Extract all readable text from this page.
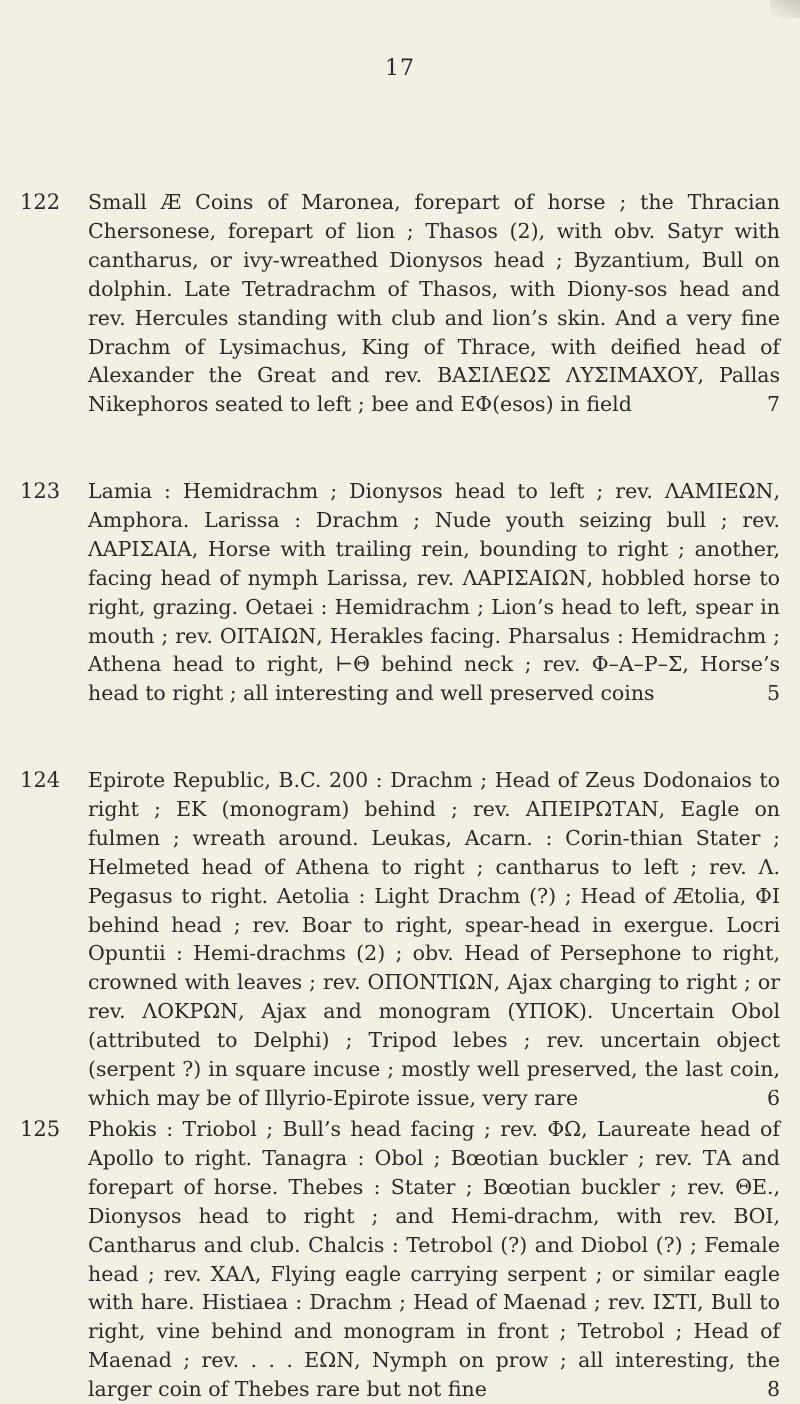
17
122 Small Æ Coins of Maronea, forepart of horse ; the Thracian Chersonese, forepart of lion ; Thasos (2), with obv. Satyr with cantharus, or ivy-wreathed Dionysos head ; Byzantium, Bull on dolphin. Late Tetradrachm of Thasos, with Diony-sos head and rev. Hercules standing with club and lion’s skin. And a very fine Drachm of Lysimachus, King of Thrace, with deified head of Alexander the Great and rev. ΒΑΣΙΛΕΩΣ ΛΥΣΙΜΑΧΟΥ, Pallas Nikephoros seated to left ; bee and ΕΦ(esos) in field	7

123 Lamia : Hemidrachm ; Dionysos head to left ; rev. ΛΑΜΙΕΩΝ, Amphora. Larissa : Drachm ; Nude youth seizing bull ; rev. ΛΑΡΙΣΑΙΑ, Horse with trailing rein, bounding to right ; another, facing head of nymph Larissa, rev. ΛΑΡΙΣΑΙΩΝ, hobbled horse to right, grazing. Oetaei : Hemidrachm ; Lion’s head to left, spear in mouth ; rev. ΟΙΤΑΙΩΝ, Herakles facing. Pharsalus : Hemidrachm ; Athena head to right, ⊢Θ behind neck ; rev. Φ–Α–Ρ–Σ, Horse’s head to right ; all interesting and well preserved coins	5

124 Epirote Republic, B.C. 200 : Drachm ; Head of Zeus Dodonaios to right ; ΕΚ (monogram) behind ; rev. ΑΠΕΙΡΩΤΑΝ, Eagle on fulmen ; wreath around. Leukas, Acarn. : Corin-thian Stater ; Helmeted head of Athena to right ; cantharus to left ; rev. Λ. Pegasus to right. Aetolia : Light Drachm (?) ; Head of Ætolia, ΦΙ behind head ; rev. Boar to right, spear-head in exergue. Locri Opuntii : Hemi-drachms (2) ; obv. Head of Persephone to right, crowned with leaves ; rev. ΟΠΟΝΤΙΩΝ, Ajax charging to right ; or rev. ΛΟΚΡΩΝ, Ajax and monogram (ΥΠΟΚ). Uncertain Obol (attributed to Delphi) ; Tripod lebes ; rev. uncertain object (serpent ?) in square incuse ; mostly well preserved, the last coin, which may be of Illyrio-Epirote issue, very rare	6

125 Phokis : Triobol ; Bull’s head facing ; rev. ΦΩ, Laureate head of Apollo to right. Tanagra : Obol ; Bœotian buckler ; rev. ΤΑ and forepart of horse. Thebes : Stater ; Bœotian buckler ; rev. ΘΕ., Dionysos head to right ; and Hemi-drachm, with rev. ΒΟΙ, Cantharus and club. Chalcis : Tetrobol (?) and Diobol (?) ; Female head ; rev. ΧΑΛ, Flying eagle carrying serpent ; or similar eagle with hare. Histiaea : Drachm ; Head of Maenad ; rev. ΙΣΤΙ, Bull to right, vine behind and monogram in front ; Tetrobol ; Head of Maenad ; rev. . . . ΕΩΝ, Nymph on prow ; all interesting, the larger coin of Thebes rare but not fine	8
